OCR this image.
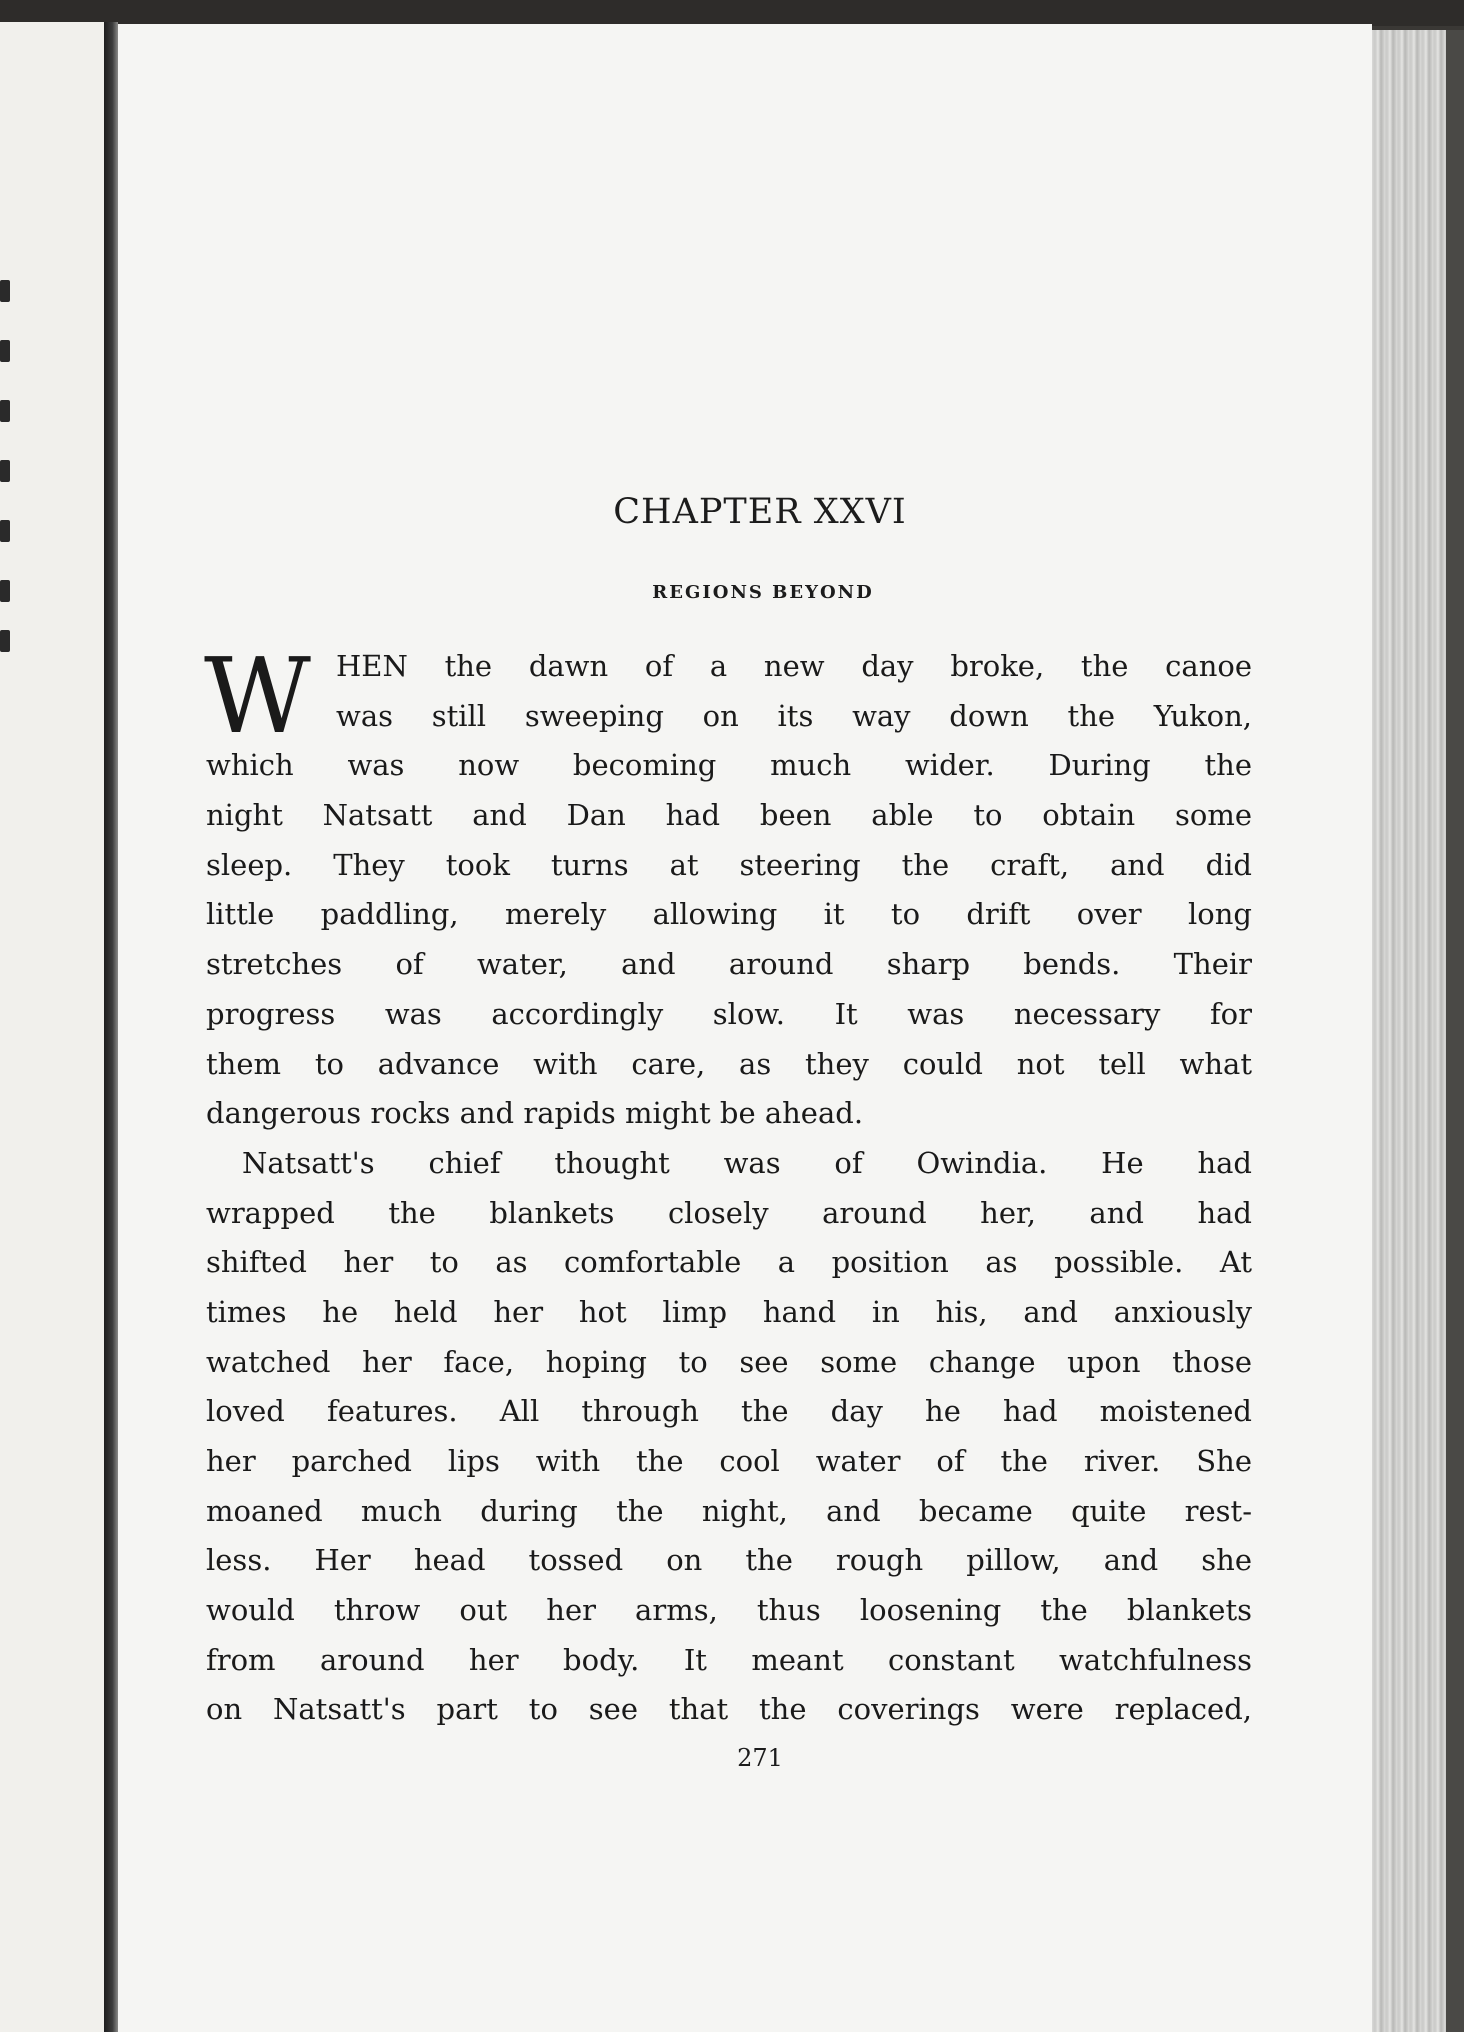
CHAPTER XXVI
REGIONS BEYOND
W HEN the dawn of a new day broke, the canoe
was still sweeping on its way down the Yukon,
which was now becoming much wider. During the
night Natsatt and Dan had been able to obtain some
sleep. They took turns at steering the craft, and did
little paddling, merely allowing it to drift over long
stretches of water, and around sharp bends. Their
progress was accordingly slow. It was necessary for
them to advance with care, as they could not tell what
dangerous rocks and rapids might be ahead.
Natsatt's chief thought was of Owindia. He had
wrapped the blankets closely around her, and had
shifted her to as comfortable a position as possible. At
times he held her hot limp hand in his, and anxiously
watched her face, hoping to see some change upon those
loved features. All through the day he had moistened
her parched lips with the cool water of the river. She
moaned much during the night, and became quite rest-
less. Her head tossed on the rough pillow, and she
would throw out her arms, thus loosening the blankets
from around her body. It meant constant watchfulness
on Natsatt's part to see that the coverings were replaced,
271
